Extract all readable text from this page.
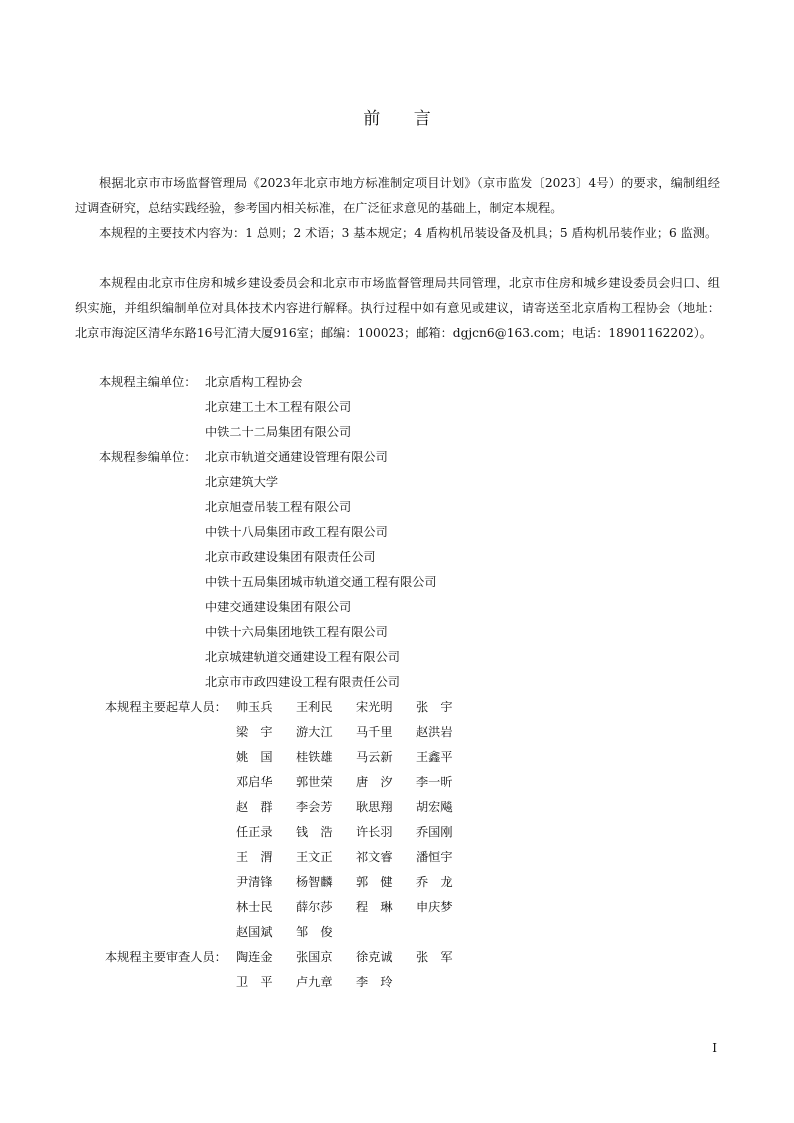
前 言
根据北京市市场监督管理局《2023年北京市地方标准制定项目计划》（京市监发〔2023〕4号）的要求，编制组经过调查研究，总结实践经验，参考国内相关标准，在广泛征求意见的基础上，制定本规程。
本规程的主要技术内容为：1 总则；2 术语；3 基本规定；4 盾构机吊装设备及机具；5 盾构机吊装作业；6 监测。
本规程由北京市住房和城乡建设委员会和北京市市场监督管理局共同管理，北京市住房和城乡建设委员会归口、组织实施，并组织编制单位对具体技术内容进行解释。执行过程中如有意见或建议，请寄送至北京盾构工程协会（地址：北京市海淀区清华东路16号汇清大厦916室；邮编：100023；邮箱：dgjcn6@163.com；电话：18901162202）。
本规程主编单位： 北京盾构工程协会
北京建工土木工程有限公司
中铁二十二局集团有限公司
本规程参编单位： 北京市轨道交通建设管理有限公司
北京建筑大学
北京旭壹吊装工程有限公司
中铁十八局集团市政工程有限公司
北京市政建设集团有限责任公司
中铁十五局集团城市轨道交通工程有限公司
中建交通建设集团有限公司
中铁十六局集团地铁工程有限公司
北京城建轨道交通建设工程有限公司
北京市市政四建设工程有限责任公司
本规程主要起草人员： 帅玉兵	王利民	宋光明	张　宇
梁　宇	游大江	马千里	赵洪岩
姚　国	桂铁雄	马云新	王鑫平
邓启华	郭世荣	唐　汐	李一昕
赵　群	李会芳	耿思翔	胡宏飚
任正录	钱　浩	许长羽	乔国刚
王　渭	王文正	祁文睿	潘恒宇
尹清锋	杨智麟	郭　健	乔　龙
林士民	薛尔莎	程　琳	申庆梦
赵国斌	邹　俊
本规程主要审查人员： 陶连金	张国京	徐克诚	张　军
卫　平	卢九章	李　玲
I
